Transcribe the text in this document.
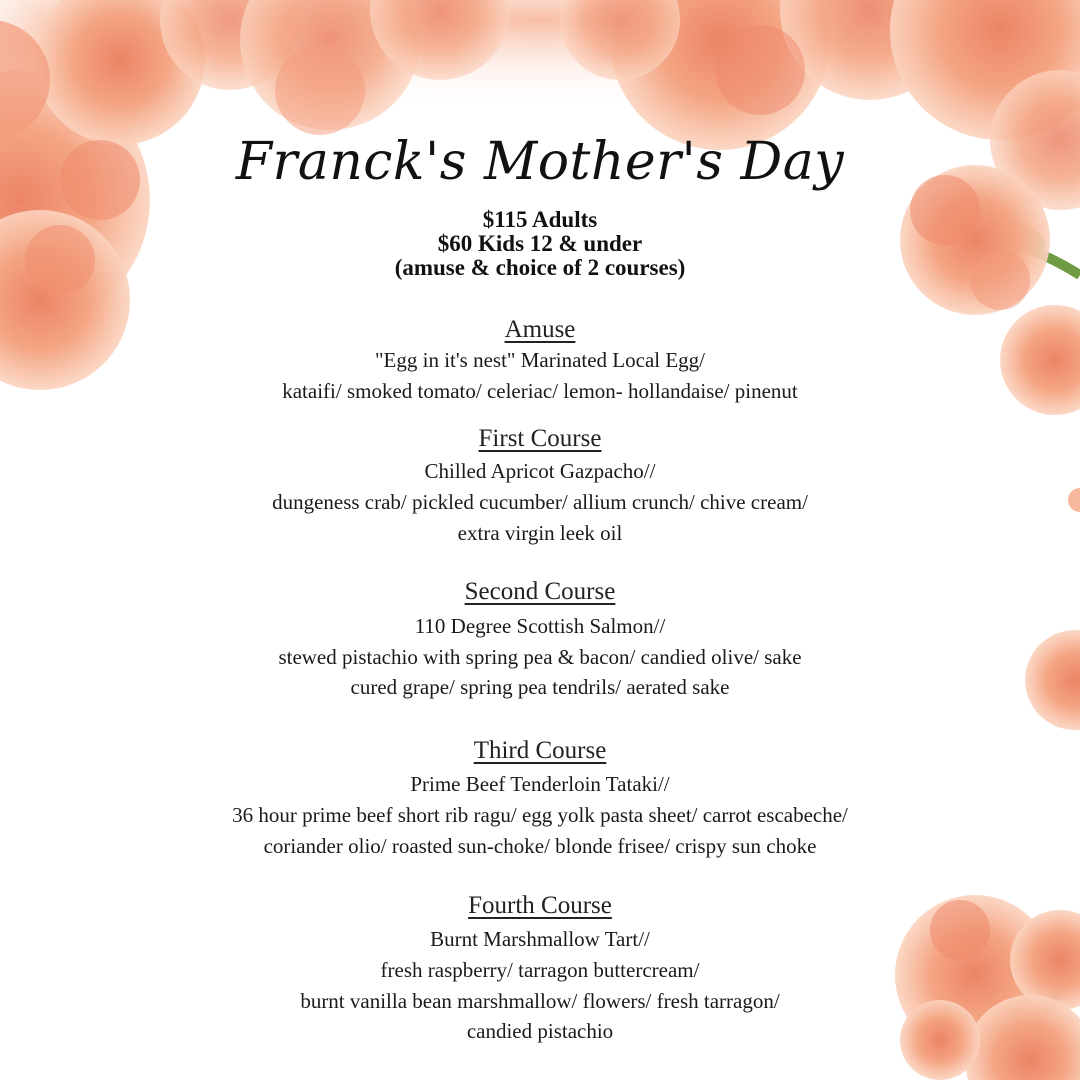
Franck's Mother's Day
$115 Adults
$60 Kids 12 & under
(amuse & choice of 2 courses)
Amuse
"Egg in it's nest" Marinated Local Egg/
kataifi/ smoked tomato/ celeriac/ lemon- hollandaise/ pinenut
First Course
Chilled Apricot Gazpacho//
dungeness crab/ pickled cucumber/ allium crunch/ chive cream/
extra virgin leek oil
Second Course
110 Degree Scottish Salmon//
stewed pistachio with spring pea & bacon/ candied olive/ sake
cured grape/ spring pea tendrils/ aerated sake
Third Course
Prime Beef Tenderloin Tataki//
36 hour prime beef short rib ragu/ egg yolk pasta sheet/ carrot escabeche/
coriander olio/ roasted sun-choke/ blonde frisee/ crispy sun choke
Fourth Course
Burnt Marshmallow Tart//
fresh raspberry/ tarragon buttercream/
burnt vanilla bean marshmallow/ flowers/ fresh tarragon/
candied pistachio
